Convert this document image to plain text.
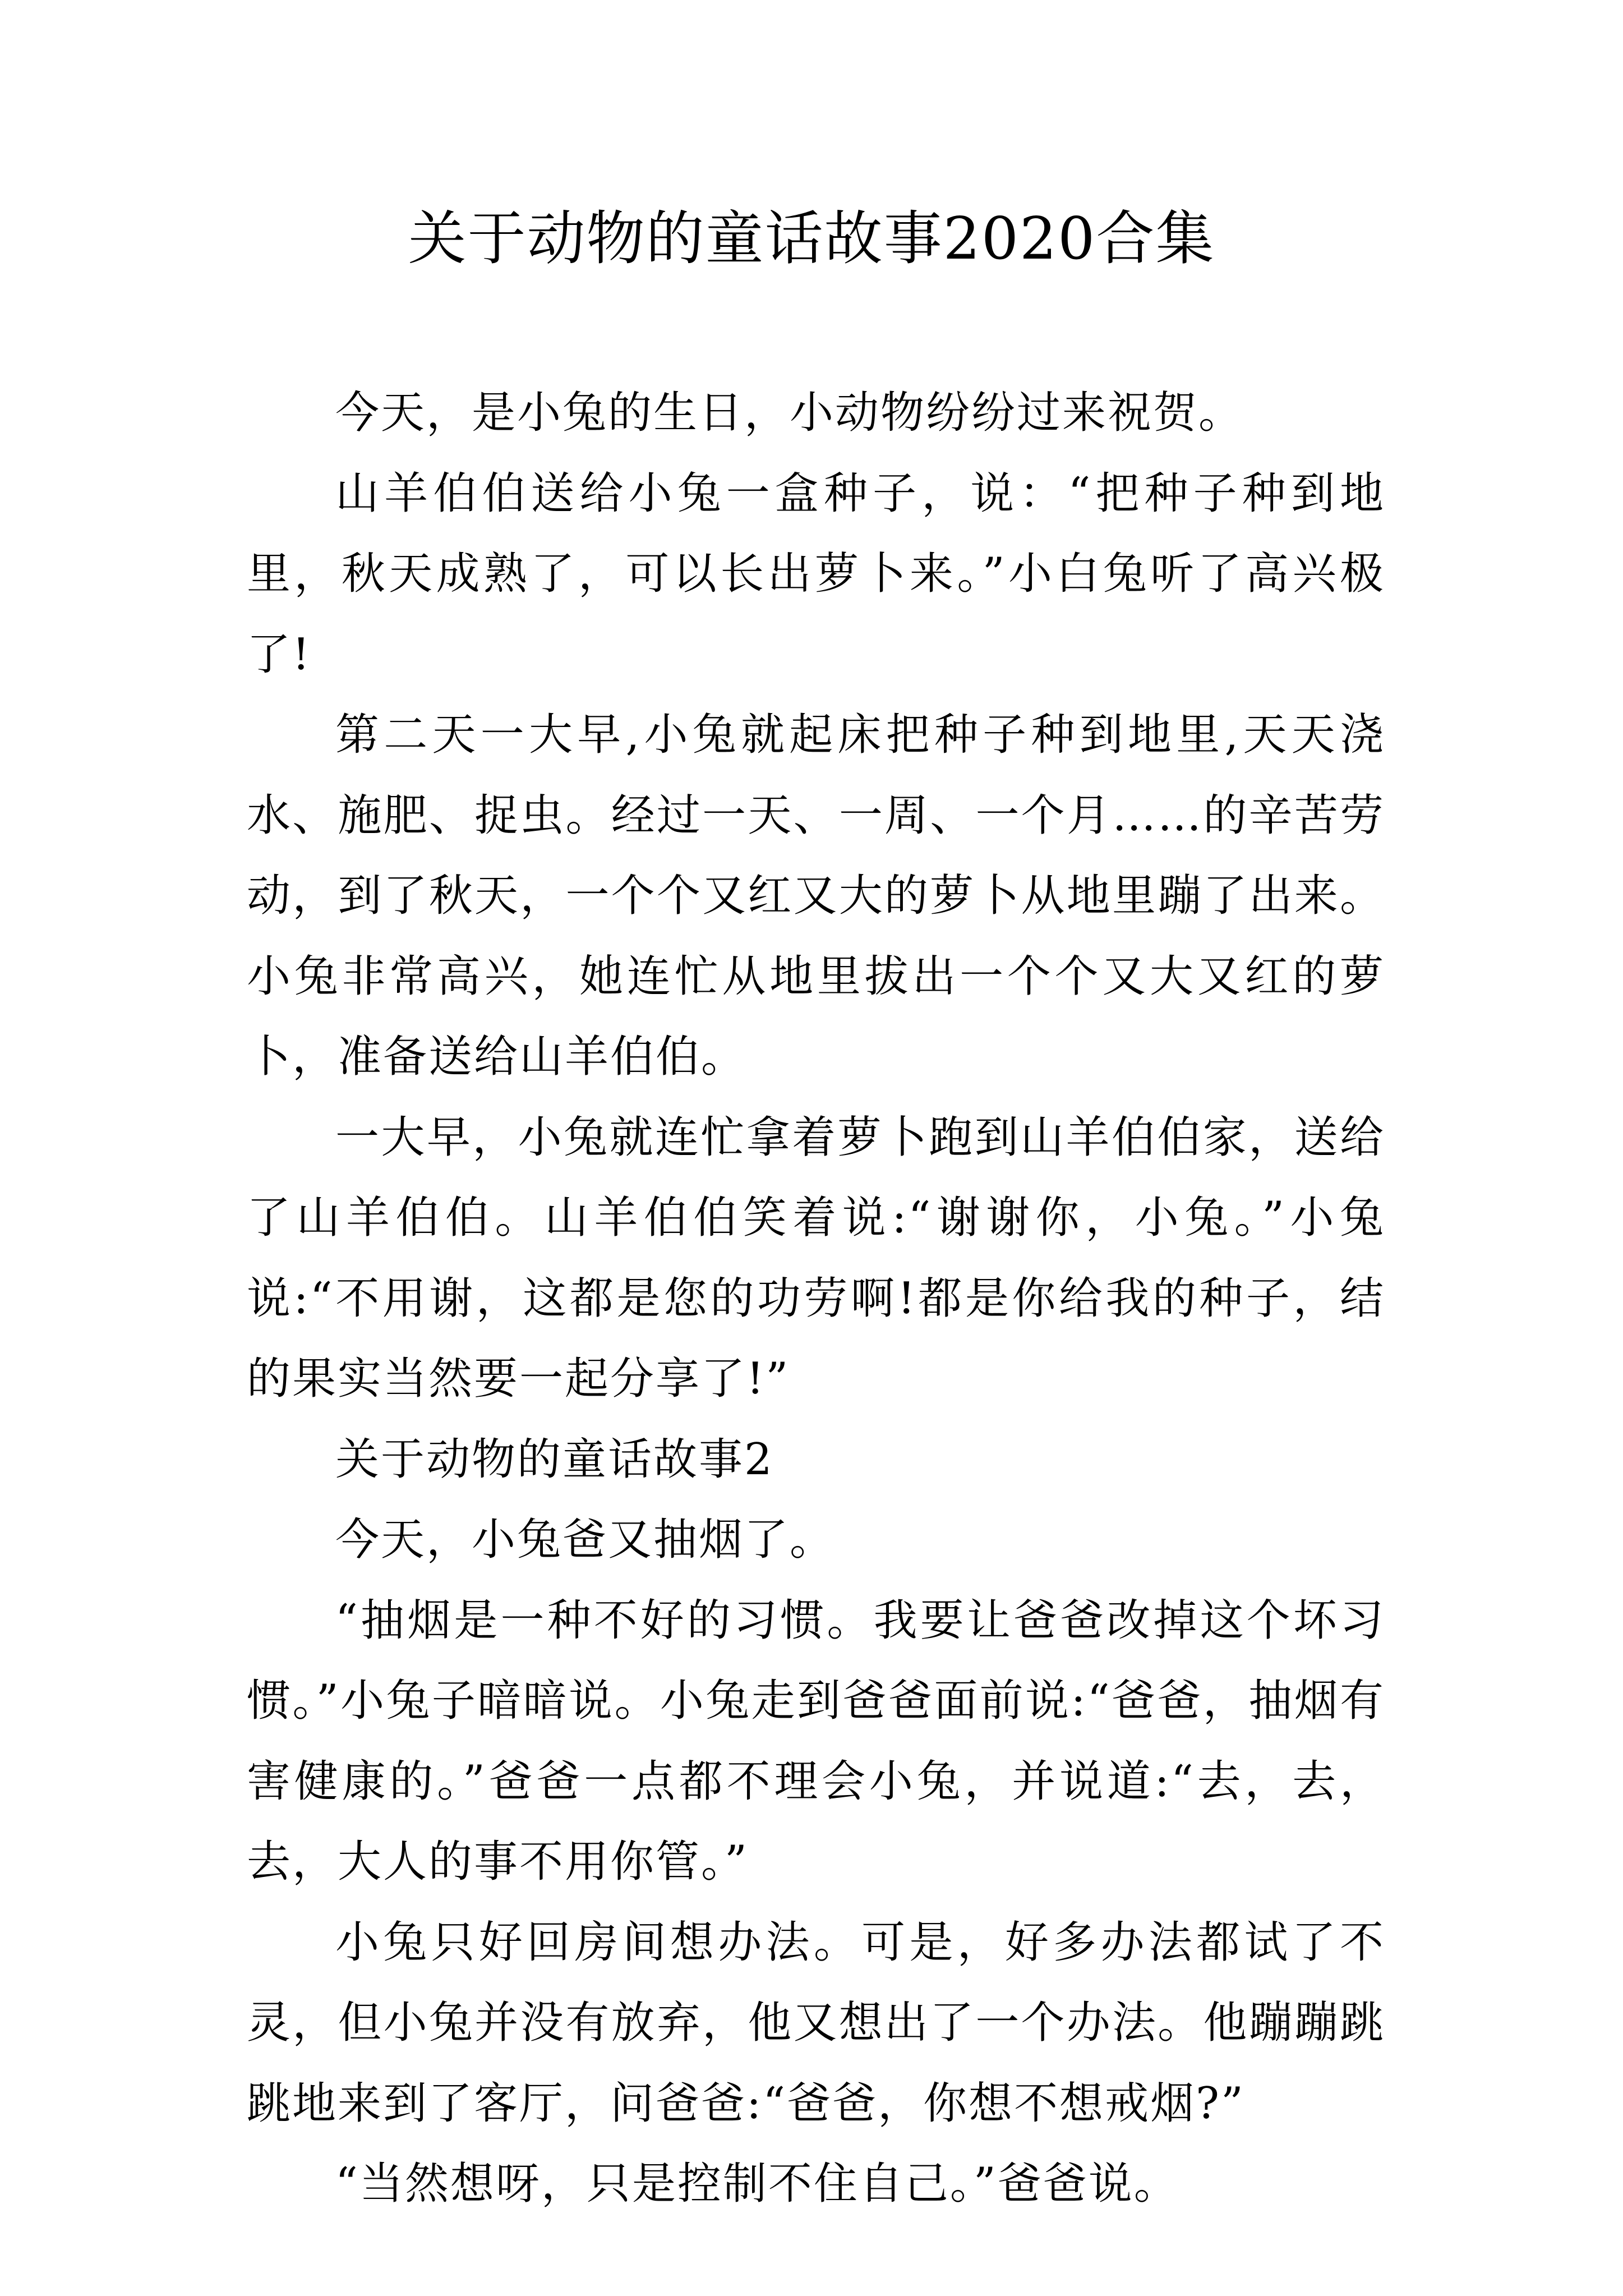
关于动物的童话故事2020合集

今天，是小兔的生日，小动物纷纷过来祝贺。

山羊伯伯送给小兔一盒种子，说：“把种子种到地里，秋天成熟了，可以长出萝卜来。”小白兔听了高兴极了!

第二天一大早,小兔就起床把种子种到地里,天天浇水、施肥、捉虫。经过一天、一周、一个月……的辛苦劳动，到了秋天，一个个又红又大的萝卜从地里蹦了出来。小兔非常高兴，她连忙从地里拔出一个个又大又红的萝卜，准备送给山羊伯伯。

一大早，小兔就连忙拿着萝卜跑到山羊伯伯家，送给了山羊伯伯。山羊伯伯笑着说:“谢谢你，小兔。”小兔说:“不用谢，这都是您的功劳啊!都是你给我的种子，结的果实当然要一起分享了!”

关于动物的童话故事2

今天，小兔爸又抽烟了。

“抽烟是一种不好的习惯。我要让爸爸改掉这个坏习惯。”小兔子暗暗说。小兔走到爸爸面前说:“爸爸，抽烟有害健康的。”爸爸一点都不理会小兔，并说道:“去，去，去，大人的事不用你管。”

小兔只好回房间想办法。可是，好多办法都试了不灵，但小兔并没有放弃，他又想出了一个办法。他蹦蹦跳跳地来到了客厅，问爸爸:“爸爸，你想不想戒烟?”

“当然想呀，只是控制不住自己。”爸爸说。
